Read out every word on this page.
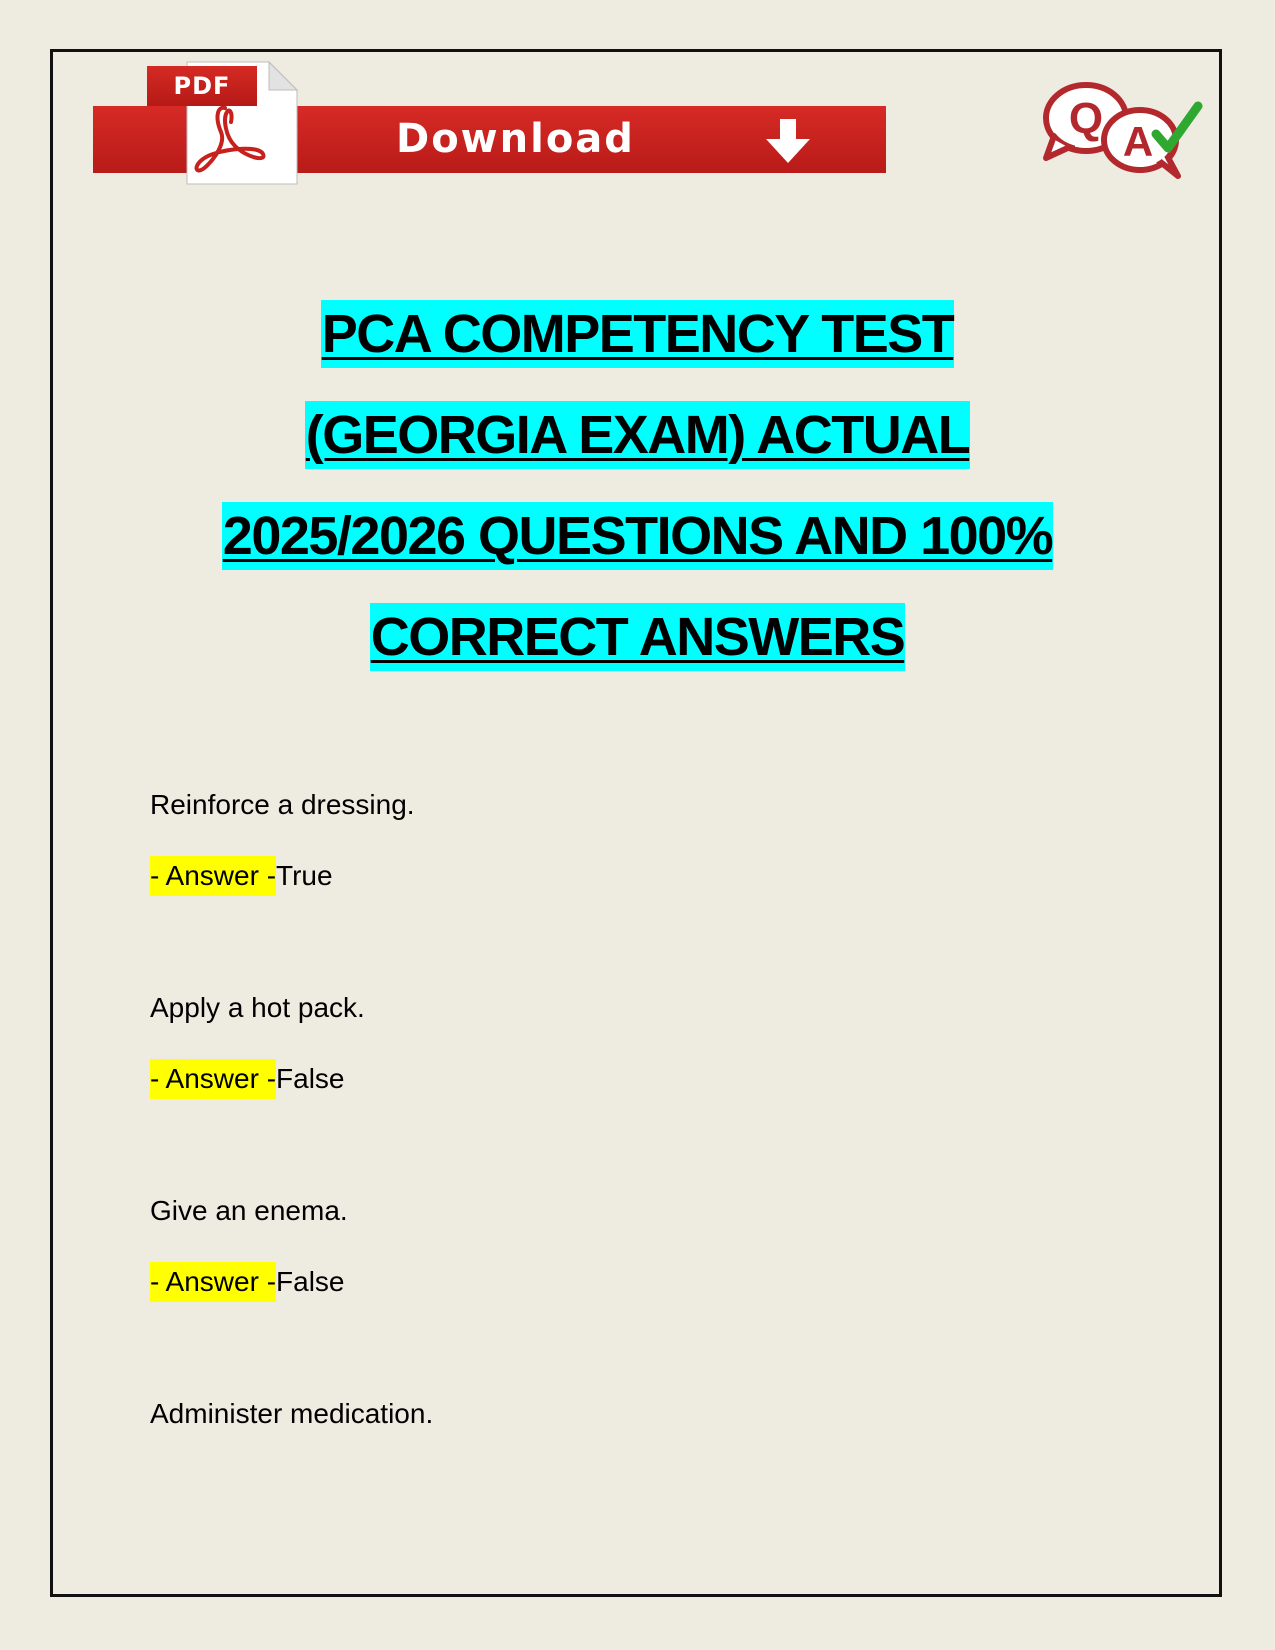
Download
PDF
Q A
PCA COMPETENCY TEST
(GEORGIA EXAM) ACTUAL
2025/2026 QUESTIONS AND 100%
CORRECT ANSWERS
Reinforce a dressing.
- Answer -True
Apply a hot pack.
- Answer -False
Give an enema.
- Answer -False
Administer medication.
